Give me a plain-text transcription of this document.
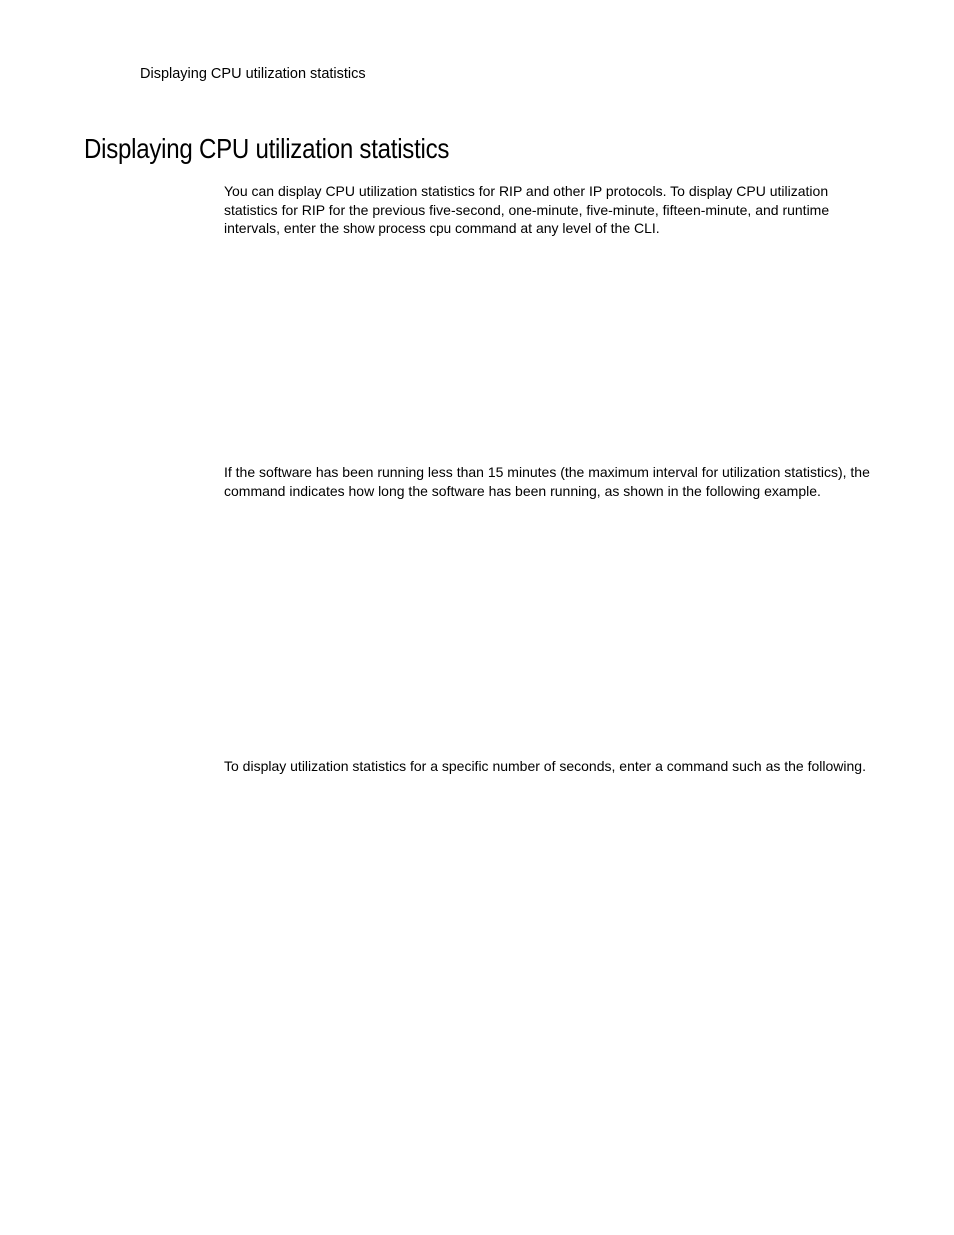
Displaying CPU utilization statistics
Displaying CPU utilization statistics

You can display CPU utilization statistics for RIP and other IP protocols. To display CPU utilization statistics for RIP for the previous five-second, one-minute, five-minute, fifteen-minute, and runtime intervals, enter the show process cpu command at any level of the CLI.

If the software has been running less than 15 minutes (the maximum interval for utilization statistics), the command indicates how long the software has been running, as shown in the following example.

To display utilization statistics for a specific number of seconds, enter a command such as the following.
